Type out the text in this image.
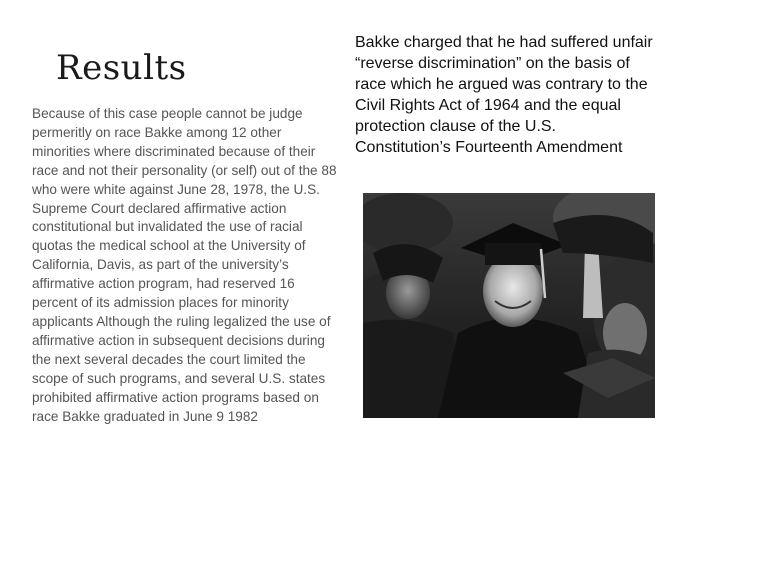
Results

Because of this case people cannot be judge permeritly on race Bakke among 12 other minorities where discriminated because of their race and not their personality (or self) out of the 88 who were white against June 28, 1978, the U.S. Supreme Court declared affirmative action constitutional but invalidated the use of racial quotas the medical school at the University of California, Davis, as part of the university’s affirmative action program, had reserved 16 percent of its admission places for minority applicants Although the ruling legalized the use of affirmative action in subsequent decisions during the next several decades the court limited the scope of such programs, and several U.S. states prohibited affirmative action programs based on race Bakke graduated in June 9 1982

Bakke charged that he had suffered unfair “reverse discrimination” on the basis of race which he argued was contrary to the Civil Rights Act of 1964 and the equal protection clause of the U.S. Constitution’s Fourteenth Amendment
